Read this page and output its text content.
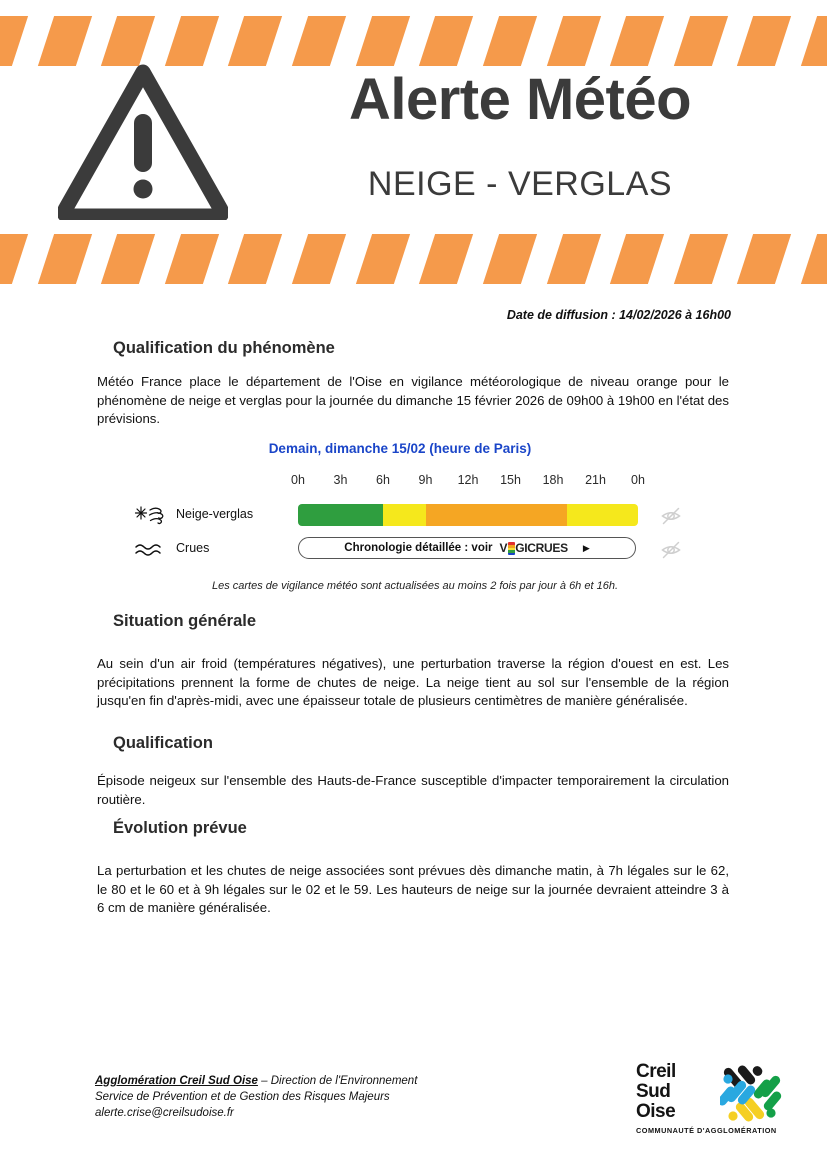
Alerte Météo
NEIGE - VERGLAS
Date de diffusion : 14/02/2026 à 16h00
Qualification du phénomène

Météo France place le département de l'Oise en vigilance météorologique de niveau orange pour le phénomène de neige et verglas pour la journée du dimanche 15 février 2026 de 09h00 à 19h00 en l'état des prévisions.

Demain, dimanche 15/02 (heure de Paris)
0h 3h 6h 9h 12h 15h 18h 21h 0h
Neige-verglas
Crues	Chronologie détaillée : voir V GICRUES ▶
Les cartes de vigilance météo sont actualisées au moins 2 fois par jour à 6h et 16h.
Situation générale

Au sein d'un air froid (températures négatives), une perturbation traverse la région d'ouest en est. Les précipitations prennent la forme de chutes de neige. La neige tient au sol sur l'ensemble de la région jusqu'en fin d'après-midi, avec une épaisseur totale de plusieurs centimètres de manière généralisée.

Qualification

Épisode neigeux sur l'ensemble des Hauts-de-France susceptible d'impacter temporairement la circulation routière.

Évolution prévue

La perturbation et les chutes de neige associées sont prévues dès dimanche matin, à 7h légales sur le 62, le 80 et le 60 et à 9h légales sur le 02 et le 59. Les hauteurs de neige sur la journée devraient atteindre 3 à 6 cm de manière généralisée.

Agglomération Creil Sud Oise – Direction de l'Environnement
Service de Prévention et de Gestion des Risques Majeurs
alerte.crise@creilsudoise.fr
Creil
Sud
Oise
COMMUNAUTÉ D'AGGLOMÉRATION
